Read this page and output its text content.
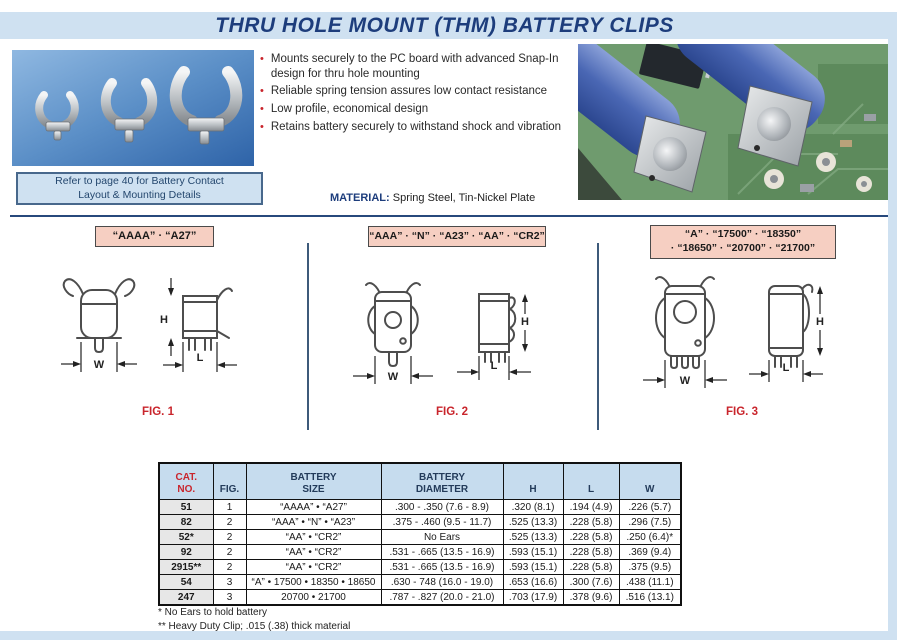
THRU HOLE MOUNT (THM) BATTERY CLIPS
• Mounts securely to the PC board with advanced Snap-In design for thru hole mounting
• Reliable spring tension assures low contact resistance
• Low profile, economical design
• Retains battery securely to withstand shock and vibration
Refer to page 40 for Battery Contact
Layout & Mounting Details	MATERIAL: Spring Steel, Tin-Nickel Plate
“AAAA” · “A27”	“AAA” · “N” · “A23” · “AA” · “CR2”	“A” · “17500” · “18350”
· “18650” · “20700” · “21700”
W
H
L
FIG. 1
W
H
L
FIG. 2
W
H
L
FIG. 3
CAT.
NO.	FIG.	BATTERY
SIZE	BATTERY
DIAMETER	H	L	W

51	1	“AAAA” • “A27”	.300 - .350 (7.6 - 8.9)	.320 (8.1)	.194 (4.9)	.226 (5.7)
82	2	“AAA” • “N” • “A23”	.375 - .460 (9.5 - 11.7)	.525 (13.3)	.228 (5.8)	.296 (7.5)
52*	2	“AA” • “CR2”	No Ears	.525 (13.3)	.228 (5.8)	.250 (6.4)*
92	2	“AA” • “CR2”	.531 - .665 (13.5 - 16.9)	.593 (15.1)	.228 (5.8)	.369 (9.4)
2915**	2	“AA” • “CR2”	.531 - .665 (13.5 - 16.9)	.593 (15.1)	.228 (5.8)	.375 (9.5)
54	3	“A” • 17500 • 18350 • 18650	.630 - 748 (16.0 - 19.0)	.653 (16.6)	.300 (7.6)	.438 (11.1)
247	3	20700 • 21700	.787 - .827 (20.0 - 21.0)	.703 (17.9)	.378 (9.6)	.516 (13.1)
* No Ears to hold battery
** Heavy Duty Clip; .015 (.38) thick material
